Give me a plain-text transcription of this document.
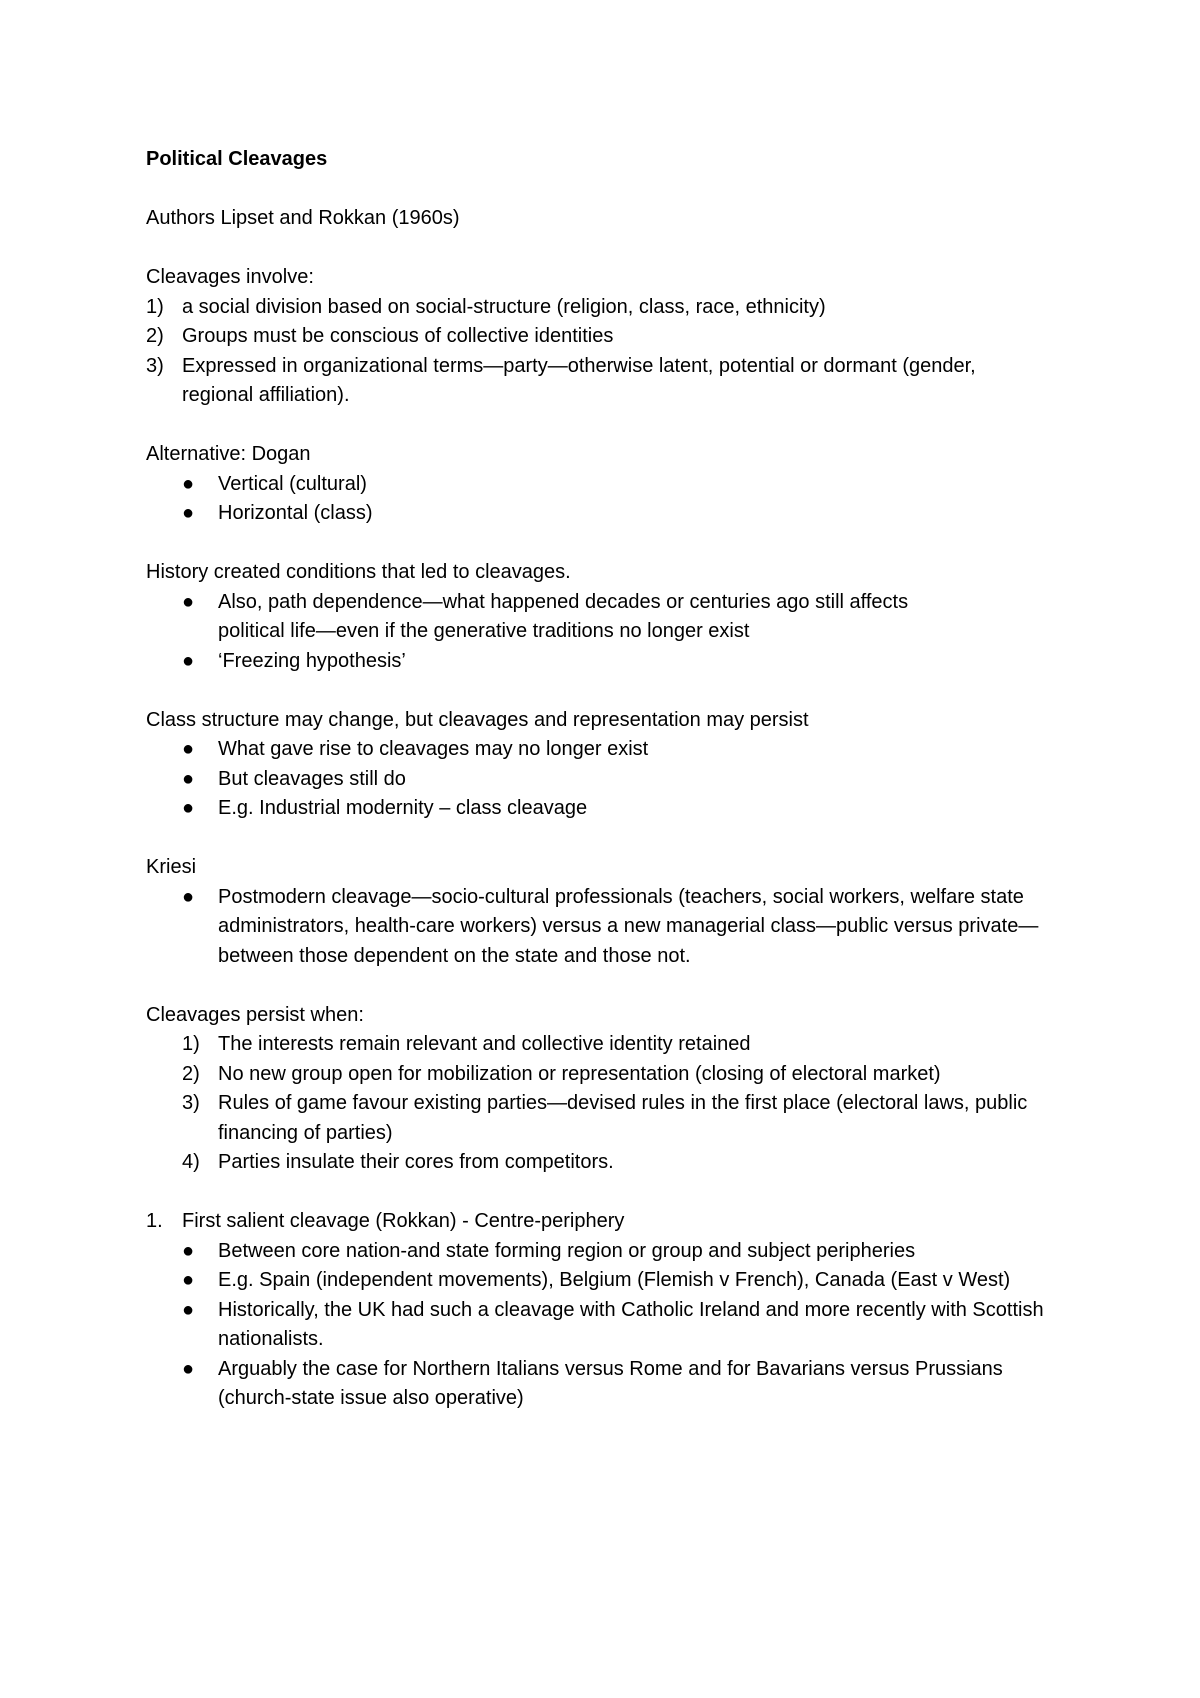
Political Cleavages

Authors Lipset and Rokkan (1960s)

Cleavages involve:

1) a social division based on social-structure (religion, class, race, ethnicity)
2) Groups must be conscious of collective identities
3) Expressed in organizational terms—party—otherwise latent, potential or dormant (gender, regional affiliation).

Alternative: Dogan

●	Vertical (cultural)
●	Horizontal (class)

History created conditions that led to cleavages.

●	Also, path dependence—what happened decades or centuries ago still affects political life—even if the generative traditions no longer exist
●	‘Freezing hypothesis’

Class structure may change, but cleavages and representation may persist

●	What gave rise to cleavages may no longer exist
●	But cleavages still do
●	E.g. Industrial modernity – class cleavage

Kriesi

●	Postmodern cleavage—socio-cultural professionals (teachers, social workers, welfare state administrators, health-care workers) versus a new managerial class—public versus private—between those dependent on the state and those not.

Cleavages persist when:

1) The interests remain relevant and collective identity retained
2) No new group open for mobilization or representation (closing of electoral market)
3) Rules of game favour existing parties—devised rules in the first place (electoral laws, public financing of parties)
4) Parties insulate their cores from competitors.
1. First salient cleavage (Rokkan) - Centre-periphery
●	Between core nation-and state forming region or group and subject peripheries
●	E.g. Spain (independent movements), Belgium (Flemish v French), Canada (East v West)
●	Historically, the UK had such a cleavage with Catholic Ireland and more recently with Scottish nationalists.
●	Arguably the case for Northern Italians versus Rome and for Bavarians versus Prussians (church-state issue also operative)
